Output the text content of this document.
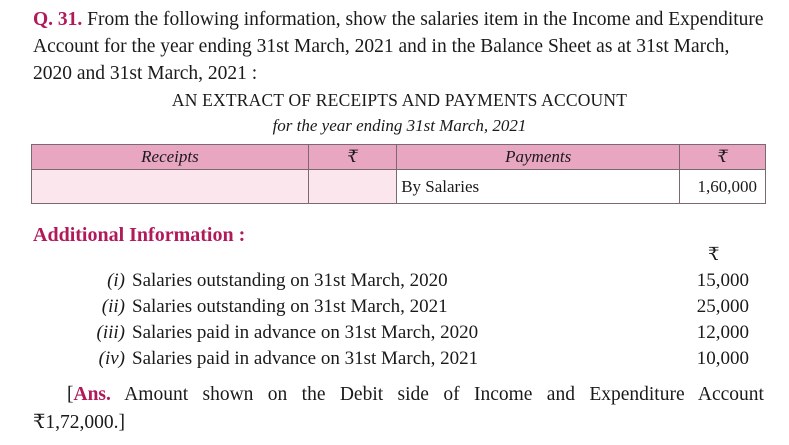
Q. 31. From the following information, show the salaries item in the Income and Expenditure Account for the year ending 31st March, 2021 and in the Balance Sheet as at 31st March, 2020 and 31st March, 2021 :
AN EXTRACT OF RECEIPTS AND PAYMENTS ACCOUNT
for the year ending 31st March, 2021
Receipts	₹	Payments	₹
		By Salaries	1,60,000
Additional Information :
₹
(i) Salaries outstanding on 31st March, 2020	15,000
(ii) Salaries outstanding on 31st March, 2021	25,000
(iii) Salaries paid in advance on 31st March, 2020	12,000
(iv) Salaries paid in advance on 31st March, 2021	10,000
[Ans. Amount shown on the Debit side of Income and Expenditure Account
₹1,72,000.]
